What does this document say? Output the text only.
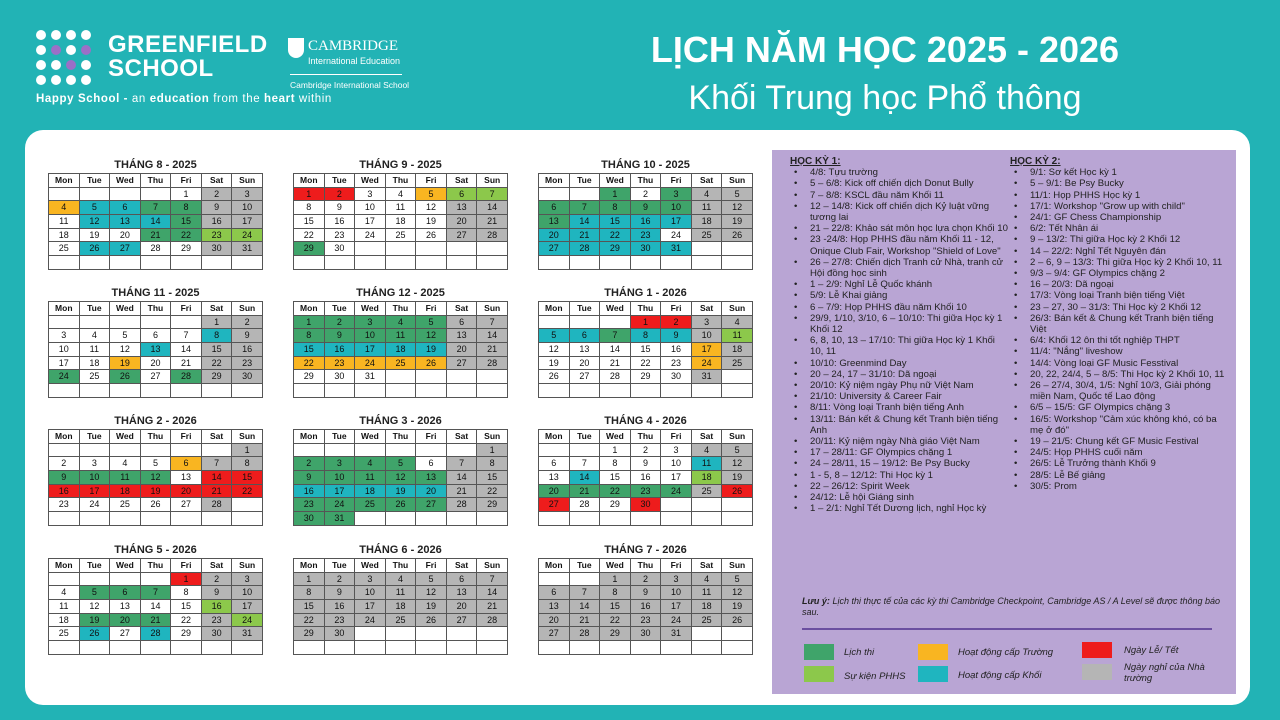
GREENFIELD
SCHOOL
CAMBRIDGE
International Education
Cambridge International School
Happy School - an education from the heart within
LỊCH NĂM HỌC 2025 - 2026
Khối Trung học Phổ thông
THÁNG 8 - 2025
Mon	Tue	Wed	Thu	Fri	Sat	Sun
				1	2	3
4	5	6	7	8	9	10
11	12	13	14	15	16	17
18	19	20	21	22	23	24
25	26	27	28	29	30	31

THÁNG 9 - 2025
Mon	Tue	Wed	Thu	Fri	Sat	Sun
1	2	3	4	5	6	7
8	9	10	11	12	13	14
15	16	17	18	19	20	21
22	23	24	25	26	27	28
29	30					

THÁNG 10 - 2025
Mon	Tue	Wed	Thu	Fri	Sat	Sun
		1	2	3	4	5
6	7	8	9	10	11	12
13	14	15	16	17	18	19
20	21	22	23	24	25	26
27	28	29	30	31		

THÁNG 11 - 2025
Mon	Tue	Wed	Thu	Fri	Sat	Sun
					1	2
3	4	5	6	7	8	9
10	11	12	13	14	15	16
17	18	19	20	21	22	23
24	25	26	27	28	29	30

THÁNG 12 - 2025
Mon	Tue	Wed	Thu	Fri	Sat	Sun
1	2	3	4	5	6	7
8	9	10	11	12	13	14
15	16	17	18	19	20	21
22	23	24	25	26	27	28
29	30	31				

THÁNG 1 - 2026
Mon	Tue	Wed	Thu	Fri	Sat	Sun
			1	2	3	4
5	6	7	8	9	10	11
12	13	14	15	16	17	18
19	20	21	22	23	24	25
26	27	28	29	30	31	

THÁNG 2 - 2026
Mon	Tue	Wed	Thu	Fri	Sat	Sun
						1
2	3	4	5	6	7	8
9	10	11	12	13	14	15
16	17	18	19	20	21	22
23	24	25	26	27	28	

THÁNG 3 - 2026
Mon	Tue	Wed	Thu	Fri	Sat	Sun
						1
2	3	4	5	6	7	8
9	10	11	12	13	14	15
16	17	18	19	20	21	22
23	24	25	26	27	28	29
30	31					
THÁNG 4 - 2026
Mon	Tue	Wed	Thu	Fri	Sat	Sun
		1	2	3	4	5
6	7	8	9	10	11	12
13	14	15	16	17	18	19
20	21	22	23	24	25	26
27	28	29	30			

THÁNG 5 - 2026
Mon	Tue	Wed	Thu	Fri	Sat	Sun
				1	2	3
4	5	6	7	8	9	10
11	12	13	14	15	16	17
18	19	20	21	22	23	24
25	26	27	28	29	30	31

THÁNG 6 - 2026
Mon	Tue	Wed	Thu	Fri	Sat	Sun
1	2	3	4	5	6	7
8	9	10	11	12	13	14
15	16	17	18	19	20	21
22	23	24	25	26	27	28
29	30					

THÁNG 7 - 2026
Mon	Tue	Wed	Thu	Fri	Sat	Sun
		1	2	3	4	5
6	7	8	9	10	11	12
13	14	15	16	17	18	19
20	21	22	23	24	25	26
27	28	29	30	31		

HỌC KỲ 1:
• 4/8: Tựu trường
• 5 – 6/8: Kick off chiến dịch Donut Bully
• 7 – 8/8: KSCL đầu năm Khối 11
• 12 – 14/8: Kick off chiến dịch Kỷ luật vững tương lai
• 21 – 22/8: Khảo sát môn học lựa chọn Khối 10
• 23 -24/8: Họp PHHS đầu năm Khối 11 - 12, Onique Club Fair, Workshop "Shield of Love"
• 26 – 27/8: Chiến dịch Tranh cử Nhà, tranh cử Hội đồng học sinh
• 1 – 2/9: Nghỉ Lễ Quốc khánh
• 5/9: Lễ Khai giảng
• 6 – 7/9: Họp PHHS đầu năm Khối 10
• 29/9, 1/10, 3/10, 6 – 10/10: Thi giữa Học kỳ 1 Khối 12
• 6, 8, 10, 13 – 17/10: Thi giữa Học kỳ 1 Khối 10, 11
• 10/10: Greenmind Day
• 20 – 24, 17 – 31/10: Dã ngoại
• 20/10: Kỷ niệm ngày Phụ nữ Việt Nam
• 21/10: University & Career Fair
• 8/11: Vòng loại Tranh biện tiếng Anh
• 13/11: Bán kết & Chung kết Tranh biện tiếng Anh
• 20/11: Kỷ niệm ngày Nhà giáo Việt Nam
• 17 – 28/11: GF Olympics chặng 1
• 24 – 28/11, 15 – 19/12: Be Psy Bucky
• 1 - 5, 8 – 12/12: Thi Học kỳ 1
• 22 – 26/12: Spirit Week
• 24/12: Lễ hội Giáng sinh
• 1 – 2/1: Nghỉ Tết Dương lịch, nghỉ Học kỳ
HỌC KỲ 2:
• 9/1: Sơ kết Học kỳ 1
• 5 – 9/1: Be Psy Bucky
• 11/1: Họp PHHS Học kỳ 1
• 17/1: Workshop "Grow up with child"
• 24/1: GF Chess Championship
• 6/2: Tết Nhân ái
• 9 – 13/2: Thi giữa Học kỳ 2 Khối 12
• 14 – 22/2: Nghỉ Tết Nguyên đán
• 2 – 6, 9 – 13/3: Thi giữa Học kỳ 2 Khối 10, 11
• 9/3 – 9/4: GF Olympics chặng 2
• 16 – 20/3: Dã ngoại
• 17/3: Vòng loại Tranh biện tiếng Việt
• 23 – 27, 30 – 31/3: Thi Học kỳ 2 Khối 12
• 26/3: Bán kết & Chung kết Tranh biện tiếng Việt
• 6/4: Khối 12 ôn thi tốt nghiệp THPT
• 11/4: "Nắng" liveshow
• 14/4: Vòng loại GF Music Fesstival
• 20, 22, 24/4, 5 – 8/5: Thi Học kỳ 2 Khối 10, 11
• 26 – 27/4, 30/4, 1/5: Nghỉ 10/3, Giải phóng miền Nam, Quốc tế Lao động
• 6/5 – 15/5: GF Olympics chặng 3
• 16/5: Workshop "Cảm xúc không khó, có ba mẹ ở đó"
• 19 – 21/5: Chung kết GF Music Festival
• 24/5: Họp PHHS cuối năm
• 26/5: Lễ Trưởng thành Khối 9
• 28/5: Lễ Bế giảng
• 30/5: Prom
Lưu ý: Lịch thi thực tế của các kỳ thi Cambridge Checkpoint, Cambridge AS / A Level sẽ được thông báo sau.
Lịch thi	Hoạt động cấp Trường	Ngày Lễ/ Tết
Sự kiện PHHS	Hoạt động cấp Khối
Ngày nghỉ của Nhà trường
